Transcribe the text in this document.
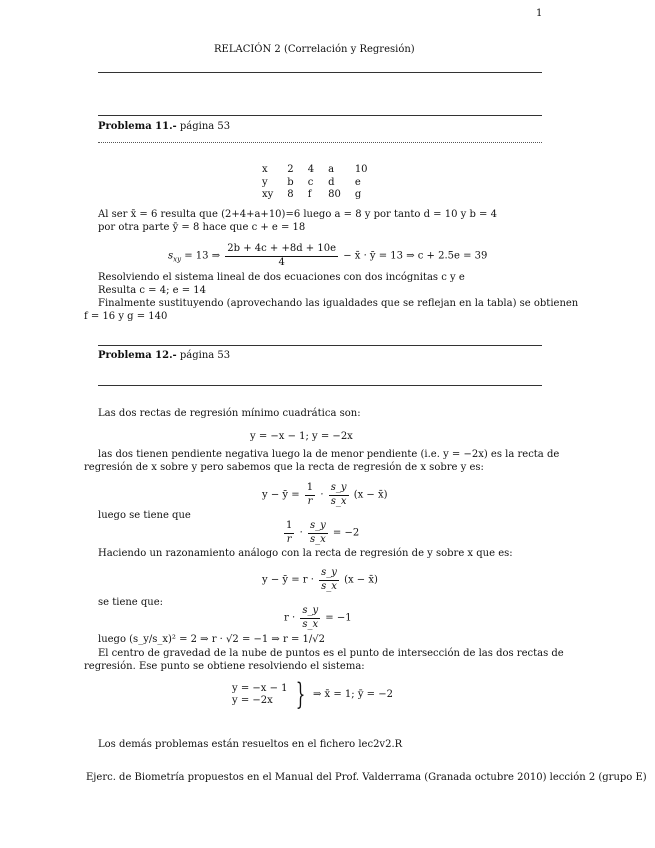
1
RELACIÓN 2 (Correlación y Regresión)
Problema 11.- página 53
x	2	4	a	10
y	b	c	d	e
xy	8	f	80	g
Al ser x̄ = 6 resulta que (2+4+a+10)=6 luego a = 8 y por tanto d = 10 y b = 4
por otra parte ȳ = 8 hace que c + e = 18
$s_{xy} = 13$ ⇒ $\frac{2b + 4c + +8d + 10e}{4}$ − x̄ · ȳ = 13 ⇒ c + 2.5e = 39
Resolviendo el sistema lineal de dos ecuaciones con dos incógnitas c y e
Resulta c = 4; e = 14
Finalmente sustituyendo (aprovechando las igualdades que se reflejan en la tabla) se obtienen
f = 16 y g = 140
Problema 12.- página 53
Las dos rectas de regresión mínimo cuadrática son:
y = −x − 1; y = −2x
las dos tienen pendiente negativa luego la de menor pendiente (i.e. y = −2x) es la recta de
regresión de x sobre y pero sabemos que la recta de regresión de x sobre y es:
y − ȳ = $\frac{1}{r} \cdot \frac{s\_y}{s\_x} (x$ − x̄)
luego se tiene que
$\frac{1}{r} \cdot \frac{s\_y}{s\_x} = -2$
Haciendo un razonamiento análogo con la recta de regresión de y sobre x que es:
y − ȳ = $r \cdot \frac{s\_y}{s\_x} (x$ − x̄)
se tiene que:
$r \cdot \frac{s\_y}{s\_x} = -1$
luego (s_y/s_x)² = 2 ⇒ r · √2 = −1 ⇒ r = 1/√2
El centro de gravedad de la nube de puntos es el punto de intersección de las dos rectas de
regresión. Ese punto se obtiene resolviendo el sistema:
y = −x − 1
y = −2x } ⇒ x̄ = 1; ȳ = −2
Los demás problemas están resueltos en el fichero lec2v2.R
Ejerc. de Biometría propuestos en el Manual del Prof. Valderrama (Granada octubre 2010) lección 2 (grupo E)
